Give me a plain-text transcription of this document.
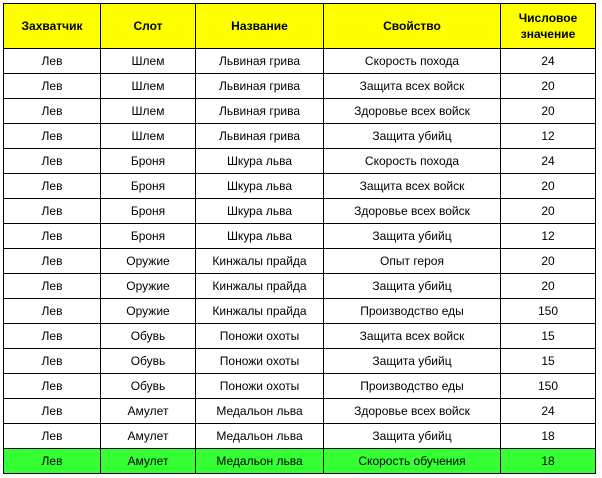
Захватчик	Слот	Название	Свойство	Числовое значение
Лев	Шлем	Львиная грива	Скорость похода	24
Лев	Шлем	Львиная грива	Защита всех войск	20
Лев	Шлем	Львиная грива	Здоровье всех войск	20
Лев	Шлем	Львиная грива	Защита убийц	12
Лев	Броня	Шкура льва	Скорость похода	24
Лев	Броня	Шкура льва	Защита всех войск	20
Лев	Броня	Шкура льва	Здоровье всех войск	20
Лев	Броня	Шкура льва	Защита убийц	12
Лев	Оружие	Кинжалы прайда	Опыт героя	20
Лев	Оружие	Кинжалы прайда	Защита убийц	20
Лев	Оружие	Кинжалы прайда	Производство еды	150
Лев	Обувь	Поножи охоты	Защита всех войск	15
Лев	Обувь	Поножи охоты	Защита убийц	15
Лев	Обувь	Поножи охоты	Производство еды	150
Лев	Амулет	Медальон льва	Здоровье всех войск	24
Лев	Амулет	Медальон льва	Защита убийц	18
Лев	Амулет	Медальон льва	Скорость обучения	18
